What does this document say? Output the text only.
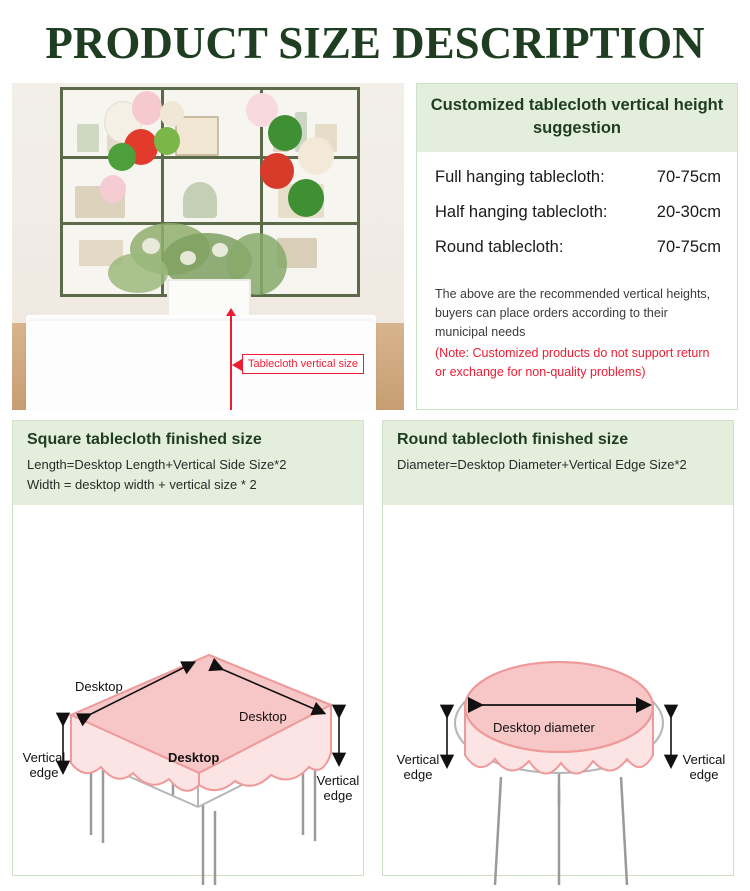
PRODUCT SIZE DESCRIPTION
Tablecloth vertical size
Customized tablecloth vertical height suggestion
Full hanging tablecloth:	70-75cm
Half hanging tablecloth:	20-30cm
Round tablecloth:	70-75cm
The above are the recommended vertical heights, buyers can place orders according to their municipal needs
(Note: Customized products do not support return or exchange for non-quality problems)
Square tablecloth finished size
Length=Desktop Length+Vertical Side Size*2
Width = desktop width + vertical size * 2
Desktop
Desktop
Desktop
Vertical edge
Vertical edge
Round tablecloth finished size
Diameter=Desktop Diameter+Vertical Edge Size*2
Desktop diameter
Vertical edge
Vertical edge
